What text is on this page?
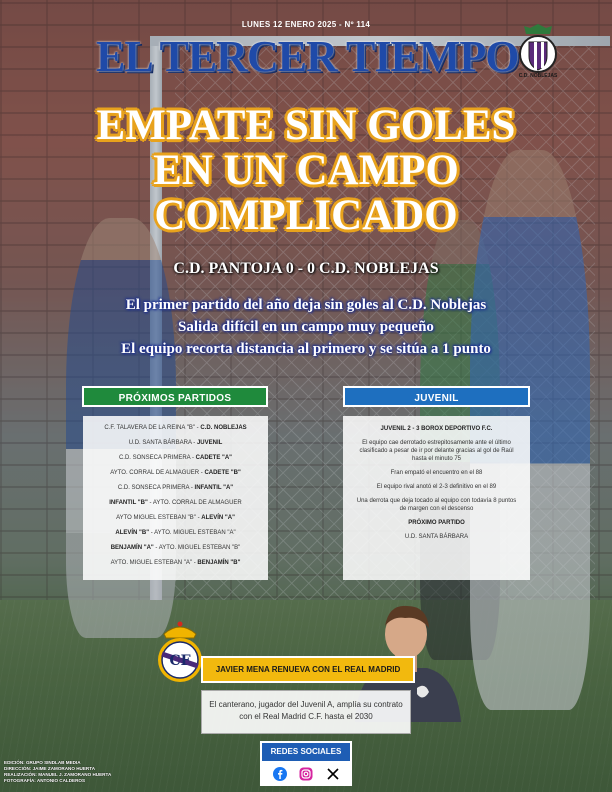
LUNES 12 ENERO 2025 - Nº 114
EL TERCER TIEMPO C.D. NOBLEJAS
EMPATE SIN GOLES
EN UN CAMPO
COMPLICADO
C.D. PANTOJA 0 - 0 C.D. NOBLEJAS
El primer partido del año deja sin goles al C.D. Noblejas
Salida difícil en un campo muy pequeño
El equipo recorta distancia al primero y se sitúa a 1 punto
PRÓXIMOS PARTIDOS
C.F. TALAVERA DE LA REINA "B" - C.D. NOBLEJAS
U.D. SANTA BÁRBARA - JUVENIL
C.D. SONSECA PRIMERA - CADETE "A"
AYTO. CORRAL DE ALMAGUER - CADETE "B"
C.D. SONSECA PRIMERA - INFANTIL "A"
INFANTIL "B" - AYTO. CORRAL DE ALMAGUER
AYTO MIGUEL ESTEBAN "B" - ALEVÍN "A"
ALEVÍN "B" - AYTO. MIGUEL ESTEBAN "A"
BENJAMÍN "A" - AYTO. MIGUEL ESTEBAN "B"
AYTO. MIGUEL ESTEBAN "A" - BENJAMÍN "B"
JUVENIL
JUVENIL 2 - 3 BOROX DEPORTIVO F.C.
El equipo cae derrotado estrepitosamente ante el último clasificado a pesar de ir por delante gracias al gol de Raúl hasta el minuto 75
Fran empató el encuentro en el 88
El equipo rival anotó el 2-3 definitivo en el 89
Una derrota que deja tocado al equipo con todavía 8 puntos de margen con el descenso
PRÓXIMO PARTIDO
U.D. SANTA BÁRBARA
CF
JAVIER MENA RENUEVA CON EL REAL MADRID
El canterano, jugador del Juvenil A, amplía su contrato con el Real Madrid C.F. hasta el 2030
REDES SOCIALES
EDICIÓN: GRUPO SINDLAB MEDIA
DIRECCIÓN: JAIME ZAMORANO HUERTA
REALIZACIÓN: MANUEL J. ZAMORANO HUERTA
FOTOGRAFÍA: ANTONIO CALDEROS
